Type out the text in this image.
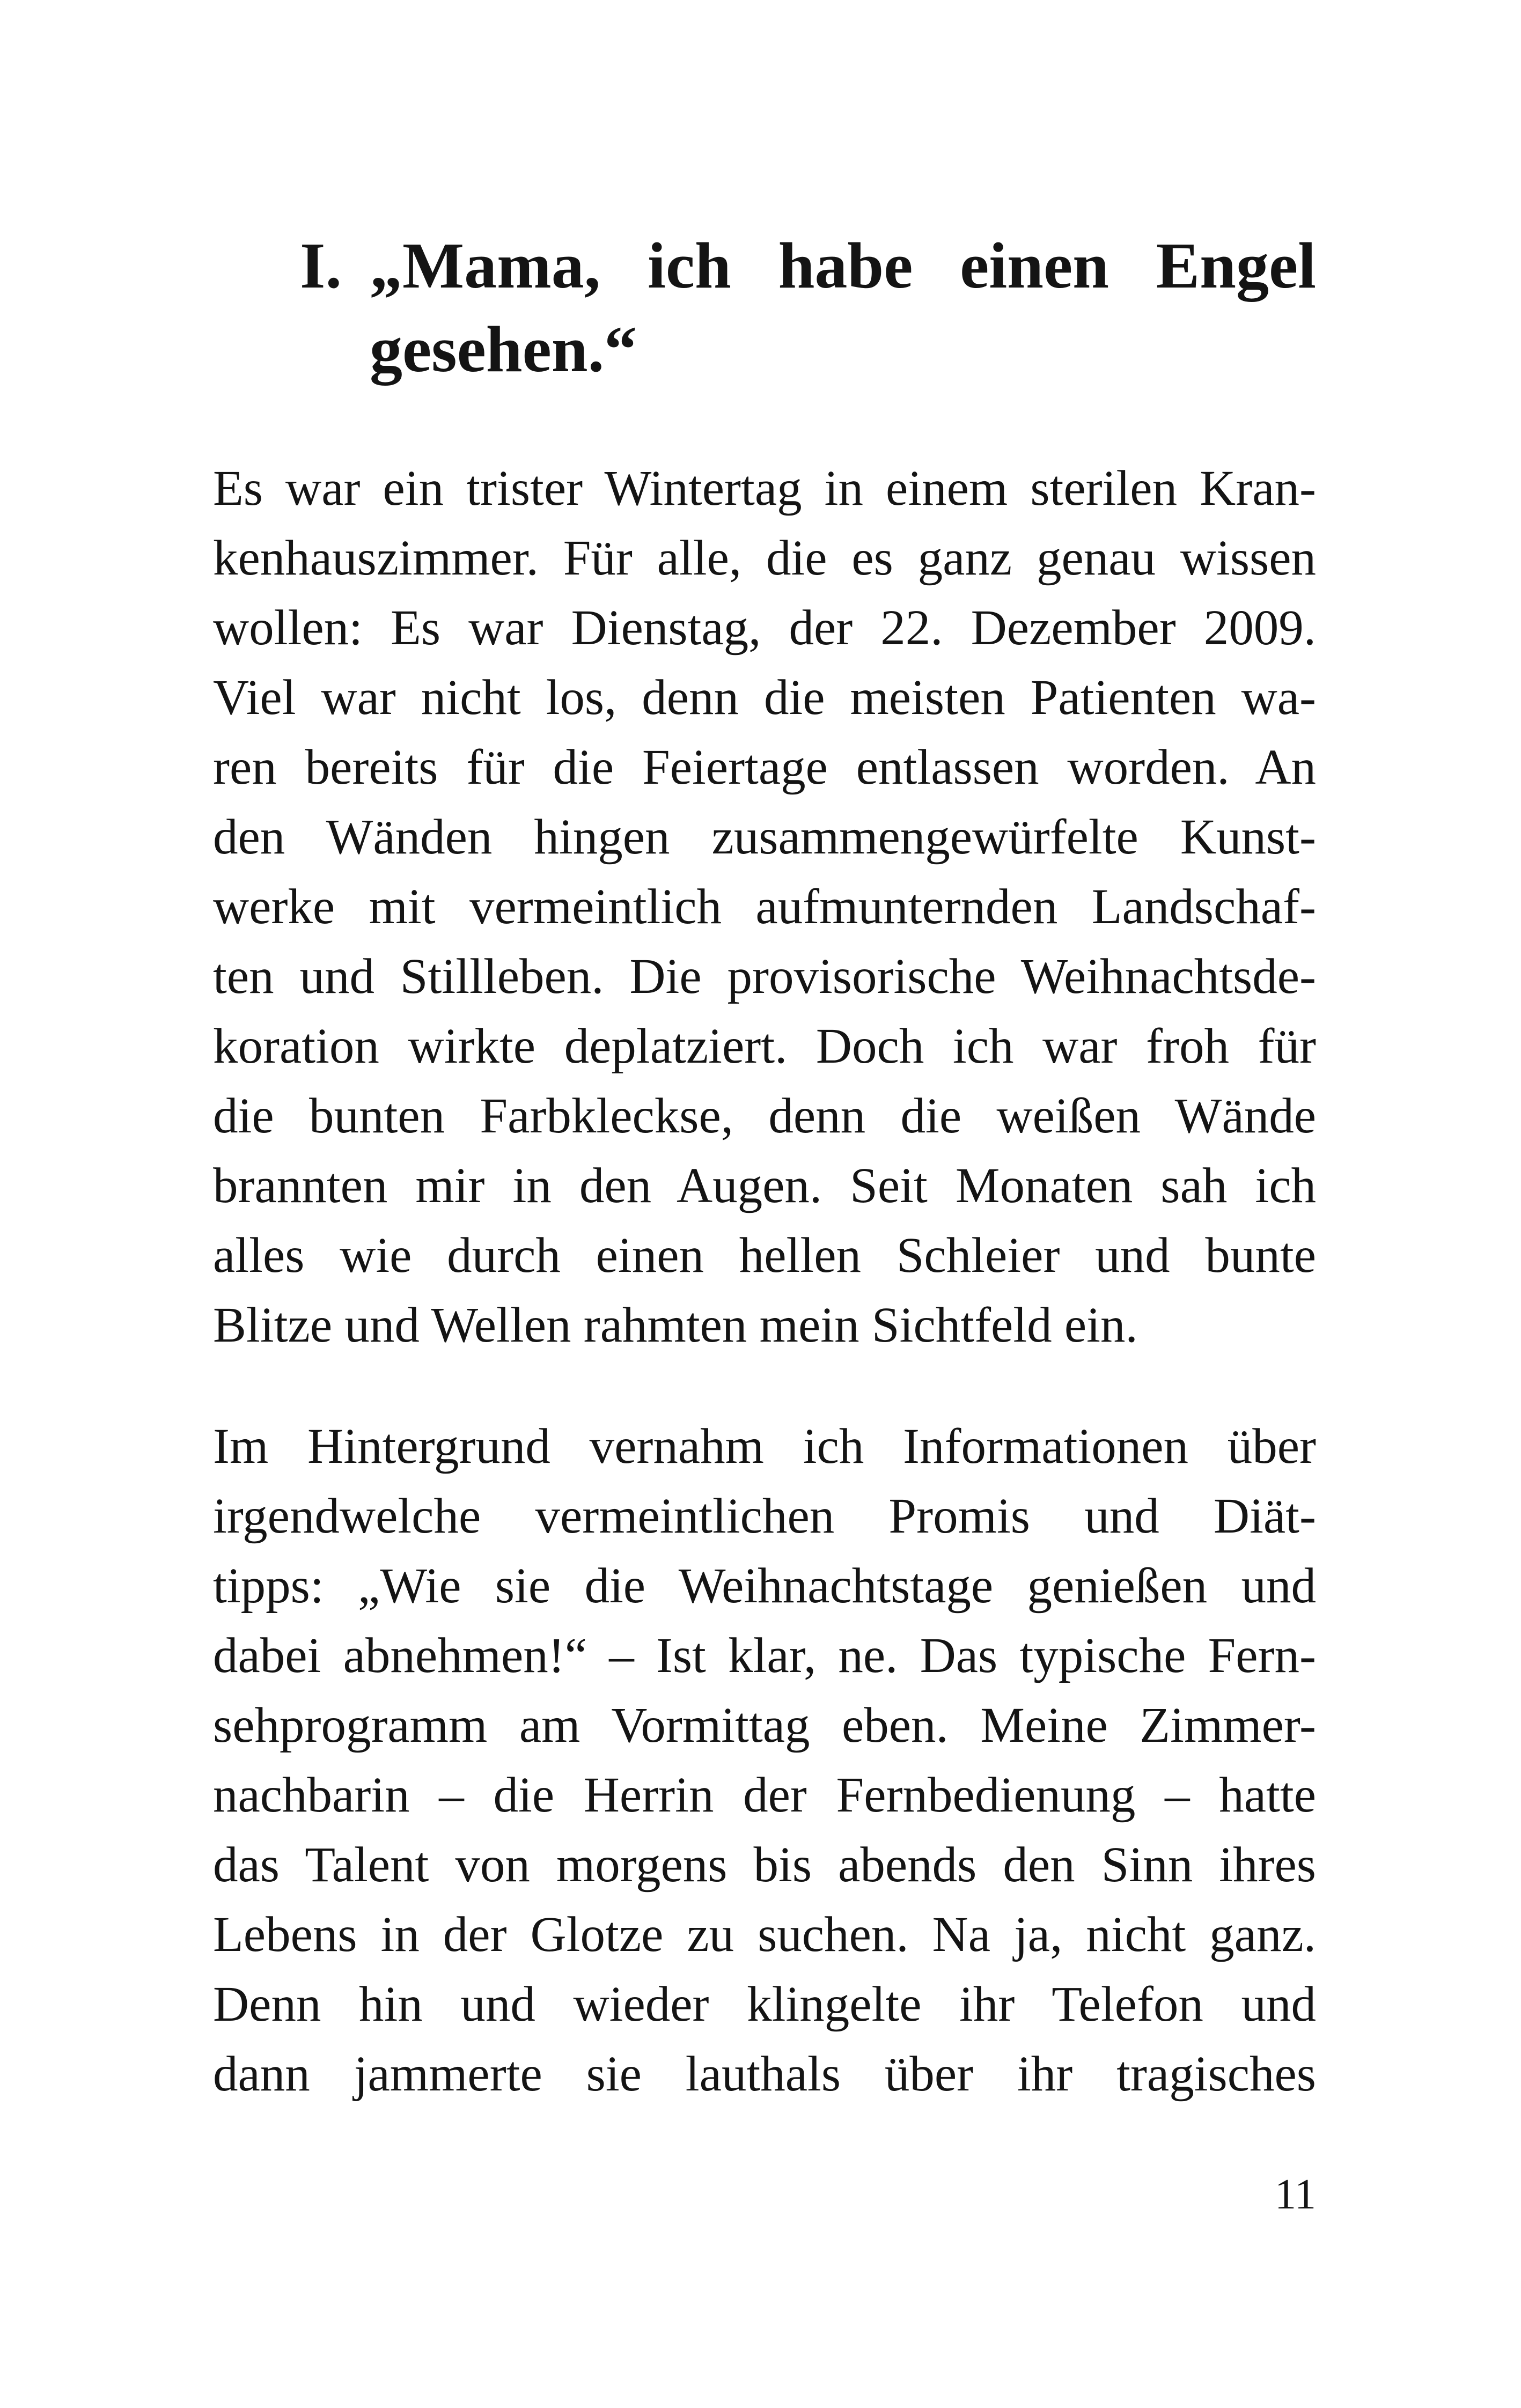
I. „Mama, ich habe einen Engel
gesehen.“
Es war ein trister Wintertag in einem sterilen Kran-
kenhauszimmer. Für alle, die es ganz genau wissen
wollen: Es war Dienstag, der 22. Dezember 2009.
Viel war nicht los, denn die meisten Patienten wa-
ren bereits für die Feiertage entlassen worden. An
den Wänden hingen zusammengewürfelte Kunst-
werke mit vermeintlich aufmunternden Landschaf-
ten und Stillleben. Die provisorische Weihnachtsde-
koration wirkte deplatziert. Doch ich war froh für
die bunten Farbkleckse, denn die weißen Wände
brannten mir in den Augen. Seit Monaten sah ich
alles wie durch einen hellen Schleier und bunte
Blitze und Wellen rahmten mein Sichtfeld ein.
Im Hintergrund vernahm ich Informationen über
irgendwelche vermeintlichen Promis und Diät-
tipps: „Wie sie die Weihnachtstage genießen und
dabei abnehmen!“ – Ist klar, ne. Das typische Fern-
sehprogramm am Vormittag eben. Meine Zimmer-
nachbarin – die Herrin der Fernbedienung – hatte
das Talent von morgens bis abends den Sinn ihres
Lebens in der Glotze zu suchen. Na ja, nicht ganz.
Denn hin und wieder klingelte ihr Telefon und
dann jammerte sie lauthals über ihr tragisches
11
